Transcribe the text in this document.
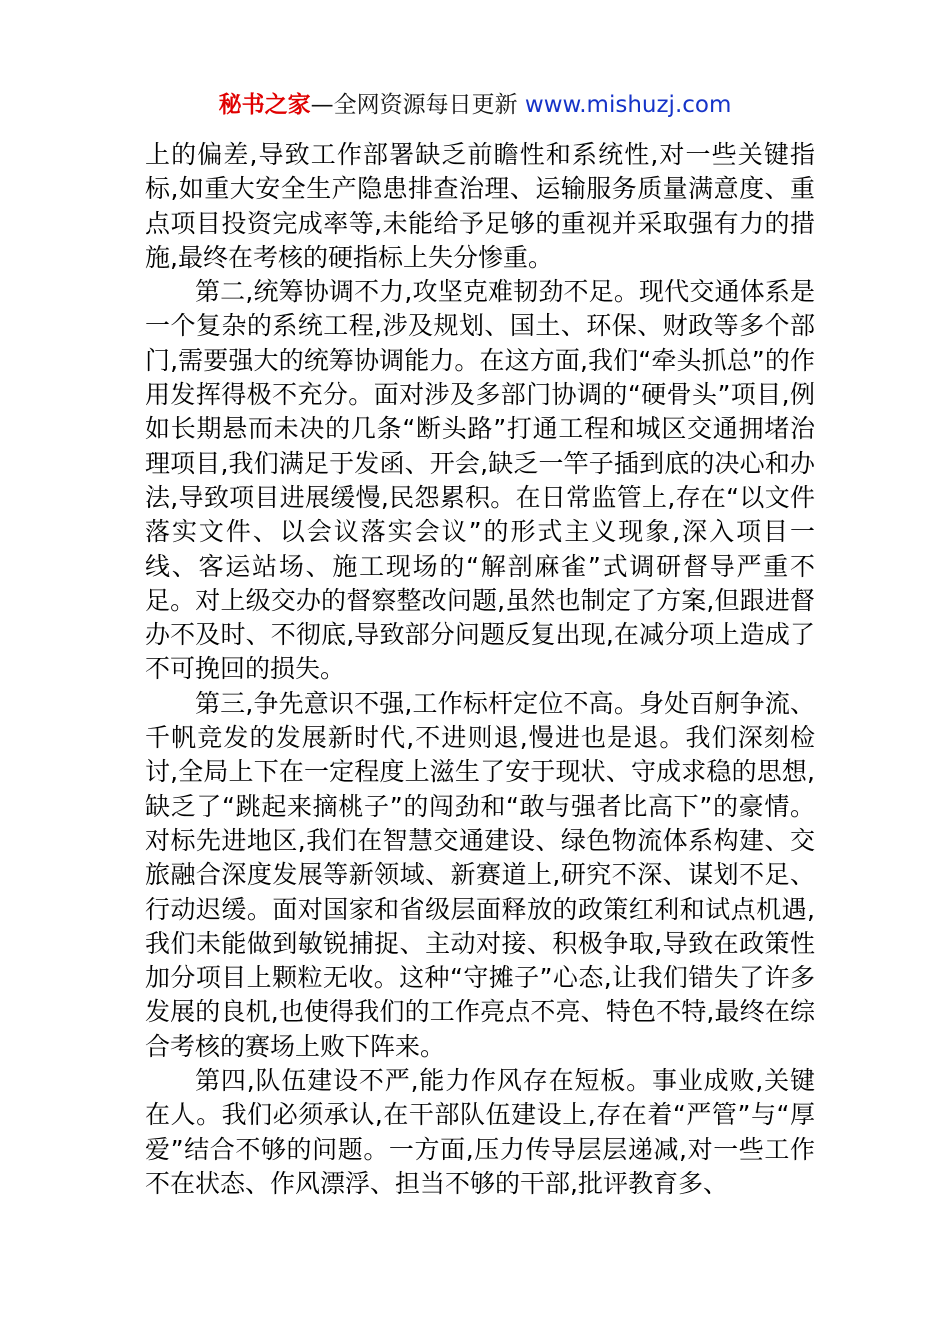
秘书之家—全网资源每日更新 www.mishuzj.com

上的偏差,导致工作部署缺乏前瞻性和系统性,对一些关键指标,如重大安全生产隐患排查治理、运输服务质量满意度、重点项目投资完成率等,未能给予足够的重视并采取强有力的措施,最终在考核的硬指标上失分惨重。

第二,统筹协调不力,攻坚克难韧劲不足。现代交通体系是一个复杂的系统工程,涉及规划、国土、环保、财政等多个部门,需要强大的统筹协调能力。在这方面,我们“牵头抓总”的作用发挥得极不充分。面对涉及多部门协调的“硬骨头”项目,例如长期悬而未决的几条“断头路”打通工程和城区交通拥堵治理项目,我们满足于发函、开会,缺乏一竿子插到底的决心和办法,导致项目进展缓慢,民怨累积。在日常监管上,存在“以文件落实文件、以会议落实会议”的形式主义现象,深入项目一线、客运站场、施工现场的“解剖麻雀”式调研督导严重不足。对上级交办的督察整改问题,虽然也制定了方案,但跟进督办不及时、不彻底,导致部分问题反复出现,在减分项上造成了不可挽回的损失。

第三,争先意识不强,工作标杆定位不高。身处百舸争流、千帆竞发的发展新时代,不进则退,慢进也是退。我们深刻检讨,全局上下在一定程度上滋生了安于现状、守成求稳的思想,缺乏了“跳起来摘桃子”的闯劲和“敢与强者比高下”的豪情。对标先进地区,我们在智慧交通建设、绿色物流体系构建、交旅融合深度发展等新领域、新赛道上,研究不深、谋划不足、行动迟缓。面对国家和省级层面释放的政策红利和试点机遇,我们未能做到敏锐捕捉、主动对接、积极争取,导致在政策性加分项目上颗粒无收。这种“守摊子”心态,让我们错失了许多发展的良机,也使得我们的工作亮点不亮、特色不特,最终在综合考核的赛场上败下阵来。

第四,队伍建设不严,能力作风存在短板。事业成败,关键在人。我们必须承认,在干部队伍建设上,存在着“严管”与“厚爱”结合不够的问题。一方面,压力传导层层递减,对一些工作不在状态、作风漂浮、担当不够的干部,批评教育多、
